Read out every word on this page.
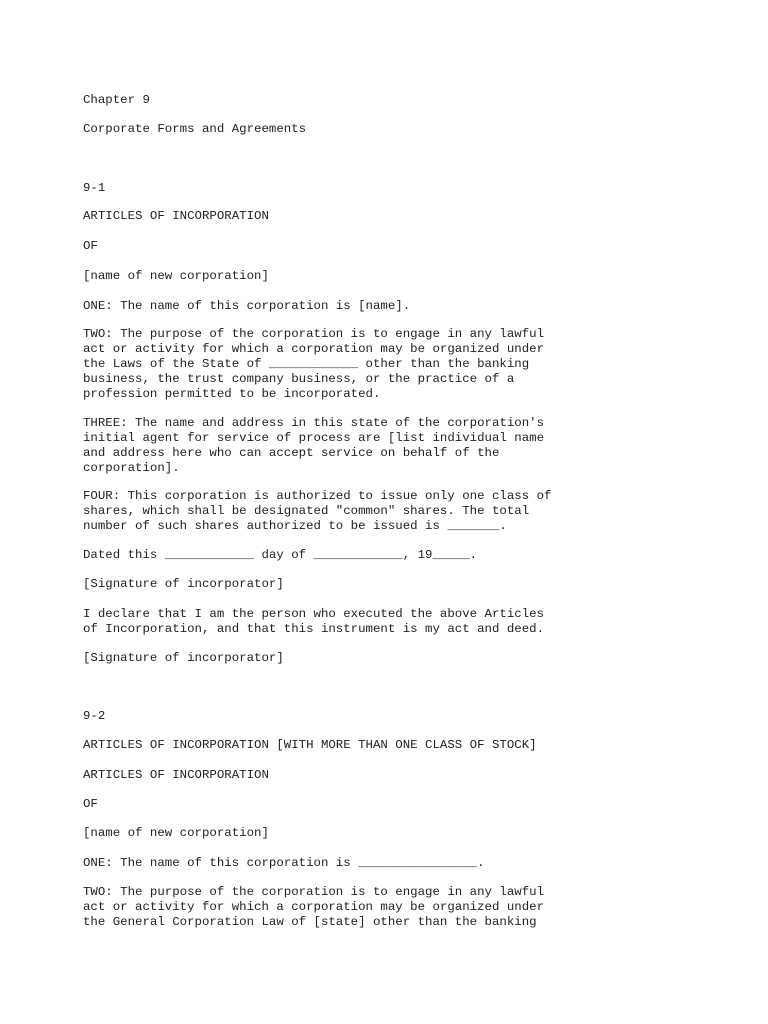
Chapter 9
Corporate Forms and Agreements
9-1
ARTICLES OF INCORPORATION
OF
[name of new corporation]
ONE: The name of this corporation is [name].
TWO: The purpose of the corporation is to engage in any lawful
act or activity for which a corporation may be organized under
the Laws of the State of ____________ other than the banking
business, the trust company business, or the practice of a
profession permitted to be incorporated.
THREE: The name and address in this state of the corporation's
initial agent for service of process are [list individual name
and address here who can accept service on behalf of the
corporation].
FOUR: This corporation is authorized to issue only one class of
shares, which shall be designated "common" shares. The total
number of such shares authorized to be issued is _______.
Dated this ____________ day of ____________, 19_____.
[Signature of incorporator]
I declare that I am the person who executed the above Articles
of Incorporation, and that this instrument is my act and deed.
[Signature of incorporator]
9-2
ARTICLES OF INCORPORATION [WITH MORE THAN ONE CLASS OF STOCK]
ARTICLES OF INCORPORATION
OF
[name of new corporation]
ONE: The name of this corporation is ________________.
TWO: The purpose of the corporation is to engage in any lawful
act or activity for which a corporation may be organized under
the General Corporation Law of [state] other than the banking
